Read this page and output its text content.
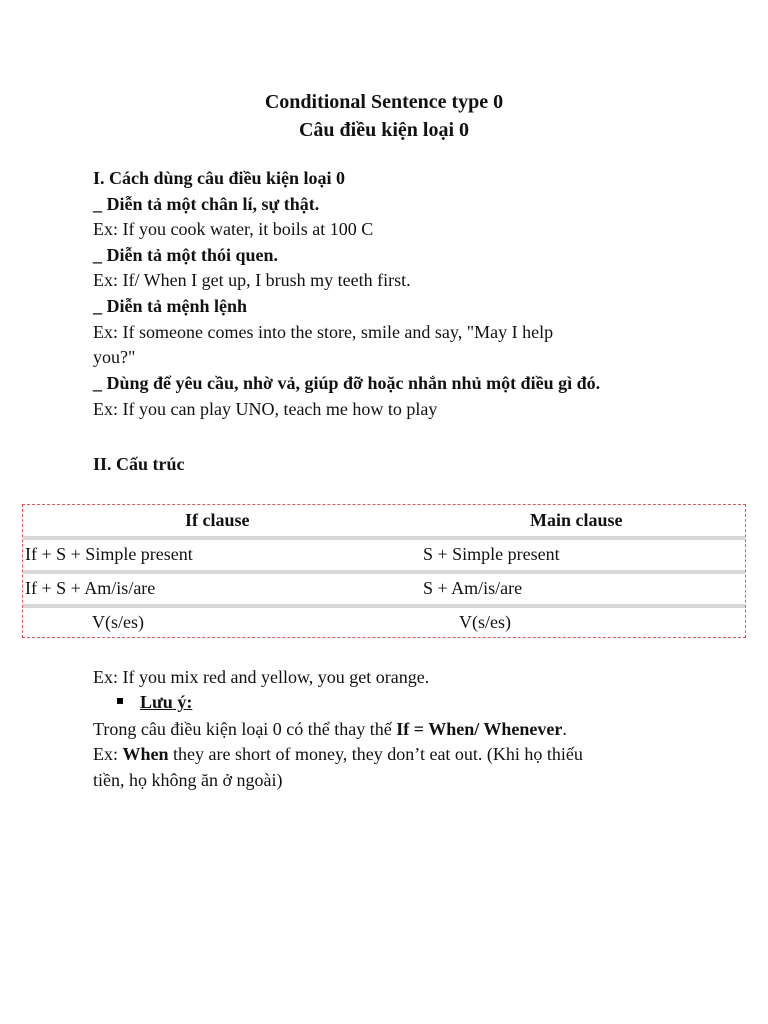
Conditional Sentence type 0
Câu điều kiện loại 0
I. Cách dùng câu điều kiện loại 0
_ Diễn tả một chân lí, sự thật.
Ex: If you cook water, it boils at 100 C
_ Diễn tả một thói quen.
Ex: If/ When I get up, I brush my teeth first.
_ Diễn tả mệnh lệnh
Ex: If someone comes into the store, smile and say, "May I help
you?"
_ Dùng để yêu cầu, nhờ vả, giúp đỡ hoặc nhắn nhủ một điều gì đó.
Ex: If you can play UNO, teach me how to play
II. Cấu trúc
If clause	Main clause
If + S + Simple present	S + Simple present
If + S + Am/is/are	S + Am/is/are
V(s/es)	V(s/es)
Ex: If you mix red and yellow, you get orange.
Lưu ý:
Trong câu điều kiện loại 0 có thể thay thế If = When/ Whenever.
Ex: When they are short of money, they don’t eat out. (Khi họ thiếu
tiền, họ không ăn ở ngoài)
